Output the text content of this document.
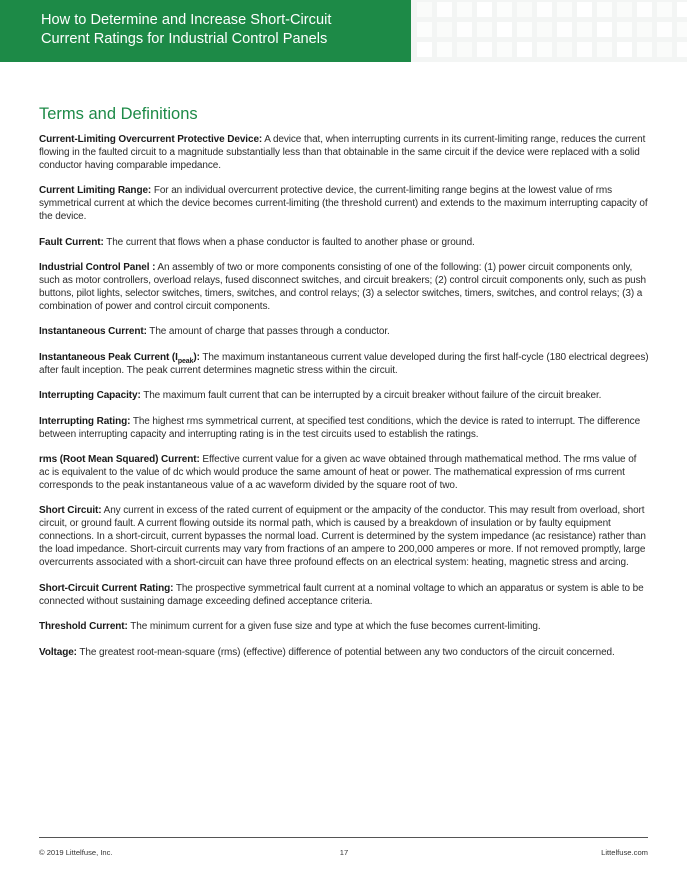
How to Determine and Increase Short-Circuit
Current Ratings for Industrial Control Panels
Terms and Definitions

Current-Limiting Overcurrent Protective Device: A device that, when interrupting currents in its current-limiting range, reduces the current flowing in the faulted circuit to a magnitude substantially less than that obtainable in the same circuit if the device were replaced with a solid conductor having comparable impedance.

Current Limiting Range: For an individual overcurrent protective device, the current-limiting range begins at the lowest value of rms symmetrical current at which the device becomes current-limiting (the threshold current) and extends to the maximum interrupting capacity of the device.

Fault Current: The current that flows when a phase conductor is faulted to another phase or ground.

Industrial Control Panel : An assembly of two or more components consisting of one of the following: (1) power circuit components only, such as motor controllers, overload relays, fused disconnect switches, and circuit breakers; (2) control circuit components only, such as push buttons, pilot lights, selector switches, timers, switches, and control relays; (3) a selector switches, timers, switches, and control relays; (3) a combination of power and control circuit components.

Instantaneous Current: The amount of charge that passes through a conductor.

Instantaneous Peak Current $(I_{peak})$: The maximum instantaneous current value developed during the first half-cycle (180 electrical degrees) after fault inception. The peak current determines magnetic stress within the circuit.

Interrupting Capacity: The maximum fault current that can be interrupted by a circuit breaker without failure of the circuit breaker.

Interrupting Rating: The highest rms symmetrical current, at specified test conditions, which the device is rated to interrupt. The difference between interrupting capacity and interrupting rating is in the test circuits used to establish the ratings.

rms (Root Mean Squared) Current: Effective current value for a given ac wave obtained through mathematical method. The rms value of ac is equivalent to the value of dc which would produce the same amount of heat or power. The mathematical expression of rms current corresponds to the peak instantaneous value of a ac waveform divided by the square root of two.

Short Circuit: Any current in excess of the rated current of equipment or the ampacity of the conductor. This may result from overload, short circuit, or ground fault. A current flowing outside its normal path, which is caused by a breakdown of insulation or by faulty equipment connections. In a short-circuit, current bypasses the normal load. Current is determined by the system impedance (ac resistance) rather than the load impedance. Short-circuit currents may vary from fractions of an ampere to 200,000 amperes or more. If not removed promptly, large overcurrents associated with a short-circuit can have three profound effects on an electrical system: heating, magnetic stress and arcing.

Short-Circuit Current Rating: The prospective symmetrical fault current at a nominal voltage to which an apparatus or system is able to be connected without sustaining damage exceeding defined acceptance criteria.

Threshold Current: The minimum current for a given fuse size and type at which the fuse becomes current-limiting.

Voltage: The greatest root-mean-square (rms) (effective) difference of potential between any two conductors of the circuit concerned.

© 2019 Littelfuse, Inc.	17	Littelfuse.com
